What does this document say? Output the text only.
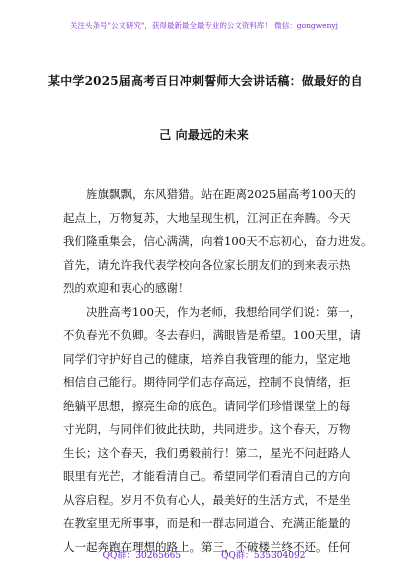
关注头条号"公文研究"，获得最新最全最专业的公文资料库！ 微信：gongwenyj
某中学2025届高考百日冲刺誓师大会讲话稿：做最好的自
己 向最远的未来
旌旗飘飘，东风猎猎。站在距离2025届高考100天的
起点上，万物复苏，大地呈现生机，江河正在奔腾。今天
我们隆重集会，信心满满，向着100天不忘初心，奋力进发。
首先，请允许我代表学校向各位家长朋友们的到来表示热
烈的欢迎和衷心的感谢！
决胜高考100天，作为老师，我想给同学们说：第一，
不负春光不负卿。冬去春归，满眼皆是希望。100天里，请
同学们守护好自己的健康，培养自我管理的能力，坚定地
相信自己能行。期待同学们志存高远，控制不良情绪，拒
绝躺平思想，擦亮生命的底色。请同学们珍惜课堂上的每
寸光阴，与同伴们彼此扶助，共同进步。这个春天，万物
生长；这个春天，我们勇毅前行！第二，星光不问赶路人
眼里有光芒，才能看清自己。希望同学们看清自己的方向
从容启程。岁月不负有心人，最美好的生活方式，不是坐
在教室里无所事事，而是和一群志同道合、充满正能量的
人一起奔跑在理想的路上。第三，不破楼兰终不还。任何
QQ群：30265665	QQ群：535304092
